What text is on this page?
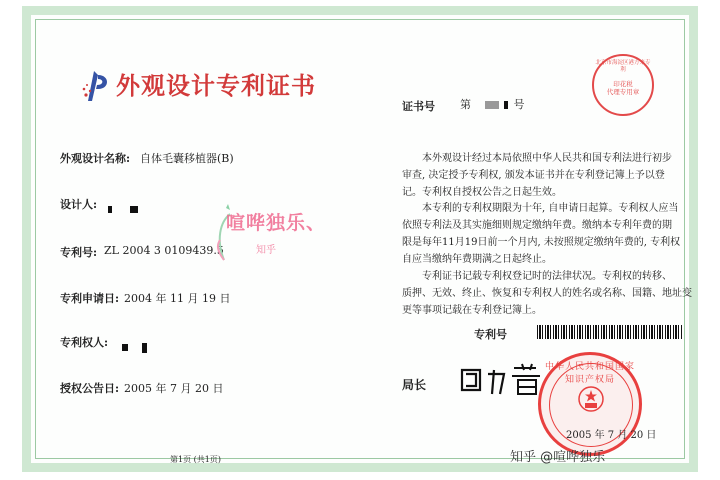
北京市海淀区港方来专利
印花税
代理专用章
外观设计专利证书
证书号 第	号
外观设计名称: 自体毛囊移植器(B)
设计人:
专利号: ZL 2004 3 0109439.5
专利申请日: 2004 年 11 月 19 日
专利权人:
授权公告日: 2005 年 7 月 20 日
本外观设计经过本局依照中华人民共和国专利法进行初步
审查, 决定授予专利权, 颁发本证书并在专利登记簿上予以登
记。专利权自授权公告之日起生效。
本专利的专利权期限为十年, 自申请日起算。专利权人应当
依照专利法及其实施细则规定缴纳年费。缴纳本专利年费的期
限是每年11月19日前一个月内, 未按照规定缴纳年费的, 专利权
自应当缴纳年费期满之日起终止。
专利证书记载专利权登记时的法律状况。专利权的转移、
质押、无效、终止、恢复和专利权人的姓名或名称、国籍、地址变
更等事项记载在专利登记簿上。
专利号
局长
中华人民共和国国家知识产权局
2005 年 7 月 20 日
喧哗独乐、
知乎
第1页 (共1页)	知乎 @喧哗独乐
